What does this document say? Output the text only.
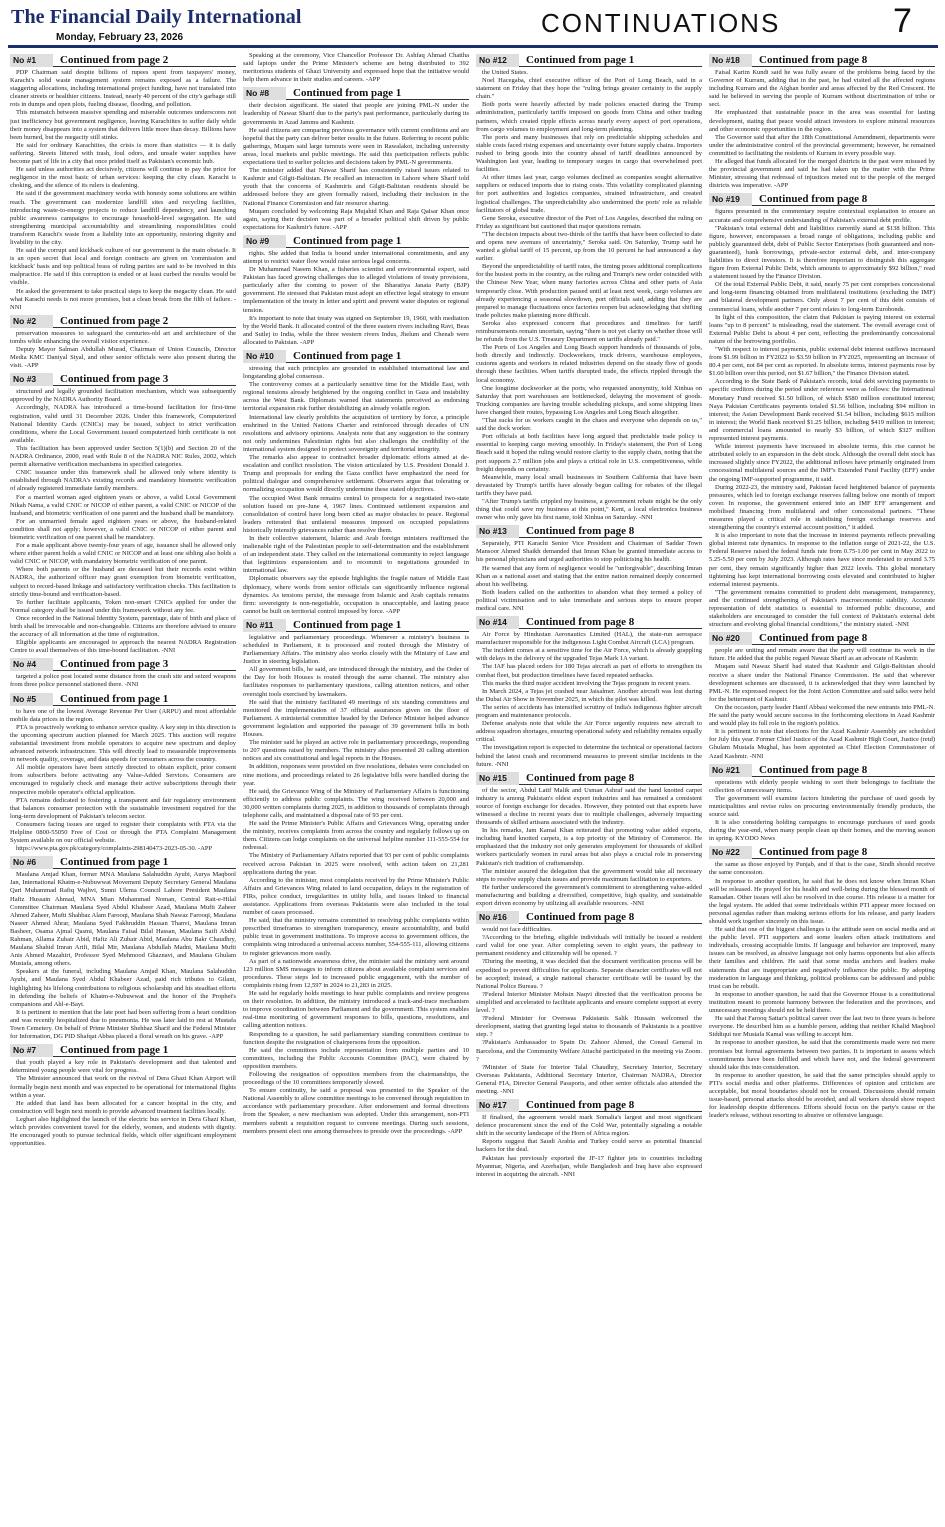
The Financial Daily International
Monday, February 23, 2026	CONTINUATIONS	7
No #1	Continued from page 2

PDP Chairman said despite billions of rupees spent from taxpayers' money, Karachi's solid waste management system remains exposed as a failure. The staggering allocations, including international project funding, have not translated into cleaner streets or healthier citizens. Instead, nearly 40 percent of the city's garbage still rots in dumps and open plots, fueling disease, flooding, and pollution.

This mismatch between massive spending and miserable outcomes underscores not just inefficiency but government negligence, leaving Karachiites to suffer daily while their money disappears into a system that delivers little more than decay. Billions have been burned, but the megacity still stinks.

He said for ordinary Karachiites, the crisis is more than statistics — it is daily suffering. Streets littered with trash, foul odors, and unsafe water supplies have become part of life in a city that once prided itself as Pakistan's economic hub.

He said unless authorities act decisively, citizens will continue to pay the price for negligence in the most basic of urban services: keeping the city clean. Karachi is choking, and the silence of its rulers is deafening.

He said if the government machinery works with honesty some solutions are within reach. The government can modernize landfill sites and recycling facilities, introducing waste-to-energy projects to reduce landfill dependency, and launching public awareness campaigns to encourage household-level segregation. He said strengthening municipal accountability and streamlining responsibilities could transform Karachi's waste from a liability into an opportunity, restoring dignity and livability to the city.

He said the corrupt and kickback culture of our government is the main obstacle. It is an open secret that local and foreign contracts are given on 'commission and kickback' basis and top political brass of ruling parties are said to be involved in this malpractice. He said if this corruption is ended or at least curbed the results would be visible.

He asked the government to take practical steps to keep the megacity clean. He said what Karachi needs is not more promises, but a clean break from the filth of failure. -NNI

No #2	Continued from page 2

preservation measures to safeguard the centuries-old art and architecture of the tombs while enhancing the overall visitor experience.

Deputy Mayor Salman Abdullah Murad, Chairman of Union Councils, Director Media KMC Daniyal Siyal, and other senior officials were also present during the visit. -APP

No #3	Continued from page 3

structured and legally grounded facilitation mechanism, which was subsequently approved by the NADRA Authority Board.

Accordingly, NADRA has introduced a time-bound facilitation for first-time registration, valid until 31 December 2026. Under this framework, Computerized National Identity Cards (CNICs) may be issued, subject to strict verification conditions, where the Local Government issued computerized birth certificate is not available.

This facilitation has been approved under Section 5(1)(b) and Section 20 of the NADRA Ordinance, 2000, read with Rule 8 of the NADRA NIC Rules, 2002, which permit alternative verification mechanisms in specified categories.

CNIC issuance under this framework shall be allowed only where identity is established through NADRA's existing records and mandatory biometric verification of already registered immediate family members.

For a married woman aged eighteen years or above, a valid Local Government Nikah Nama, a valid CNIC or NICOP of either parent, a valid CNIC or NICOP of the husband, and biometric verification of one parent and the husband shall be mandatory.

For an unmarried female aged eighteen years or above, the husband-related condition shall not apply; however, a valid CNIC or NICOP of either parent and biometric verification of one parent shall be mandatory.

For a male applicant above twenty-four years of age, issuance shall be allowed only where either parent holds a valid CNIC or NICOP and at least one sibling also holds a valid CNIC or NICOP, with mandatory biometric verification of one parent.

Where both parents or the husband are deceased but their records exist within NADRA, the authorized officer may grant exemption from biometric verification, subject to record-based linkage and satisfactory verification checks. This facilitation is strictly time-bound and verification-based.

To further facilitate applicants, Token non-smart CNICs applied for under the Normal category shall be issued under this framework without any fee.

Once recorded in the National Identity System, parentage, date of birth and place of birth shall be irrevocable and non-changeable. Citizens are therefore advised to ensure the accuracy of all information at the time of registration.

Eligible applicants are encouraged to approach the nearest NADRA Registration Centre to avail themselves of this time-bound facilitation. -NNI

No #4	Continued from page 3

targeted a police post located some distance from the crash site and seized weapons from three police personnel stationed there. -NNI

No #5	Continued from page 1

to have one of the lowest Average Revenue Per User (ARPU) and most affordable mobile data prices in the region.

PTA is proactively working to enhance service quality. A key step in this direction is the upcoming spectrum auction planned for March 2025. This auction will require substantial investment from mobile operators to acquire new spectrum and deploy advanced network infrastructure. This will directly lead to measurable improvements in network quality, coverage, and data speeds for consumers across the country.

All mobile operators have been strictly directed to obtain explicit, prior consent from subscribers before activating any Value-Added Services. Consumers are encouraged to regularly check and manage their active subscriptions through their respective mobile operator's official application.

PTA remains dedicated to fostering a transparent and fair regulatory environment that balances consumer protection with the sustainable investment required for the long-term development of Pakistan's telecom sector.

Consumers facing issues are urged to register their complaints with PTA via the Helpline 0800-55050 Free of Cost or through the PTA Complaint Management System available on our official website.

https://www.pta.gov.pk/category/complaints-298140473-2023-05-30. -APP

No #6	Continued from page 1

Maulana Amjad Khan, former MNA Maulana Salahuddin Ayubi, Aurya Maqbool Jan, International Khatm-e-Nubuwwat Movement Deputy Secretary General Maulana Qari Muhammad Rafiq Wajhvi, Sunni Ulema Council Lahore President Maulana Hafiz Hussain Ahmad, MNA Mian Muhammad Noman, Central Rait-e-Hilal Committee Chairman Maulana Syed Abdul Khabeer Azad, Maulana Mufti Zaheer Ahmed Zaheer, Mufti Shahbaz Alam Farooqi, Maulana Shah Nawaz Farooqi, Maulana Naseer Ahmed Ahrar, Maulana Syed Fakhruddin Hassan Thanvi, Maulana Imran Basheer, Osama Ajmal Qasmi, Maulana Faisal Bilal Hassan, Maulana Saifi Abdul Rahman, Allama Zubair Abid, Hafiz Ali Zubair Abid, Maulana Abu Bakr Chaudhry, Maulana Shahid Imran Arifi, Bilal Mir, Maulana Abdullah Madni, Maulana Mufti Anis Ahmed Mazahiri, Professor Syed Mehmood Ghaznavi, and Maulana Ghulam Mustafa, among others.

Speakers at the funeral, including Maulana Amjad Khan, Maulana Salahuddin Ayubi, and Maulana Syed Abdul Khabeer Azad, paid rich tributes to Gilani, highlighting his lifelong contributions to religious scholarship and his steadfast efforts in defending the beliefs of Khatm-e-Nubuwwat and the honor of the Prophet's companions and Ahl-e-Bayt.

It is pertinent to mention that the late poet had been suffering from a heart condition and was recently hospitalized due to pneumonia. He was later laid to rest at Mustafa Town Cemetery. On behalf of Prime Minister Shehbaz Sharif and the Federal Minister for Information, DG PID Shafqat Abbas placed a floral wreath on his grave. -APP

No #7	Continued from page 1

that youth played a key role in Pakistan's development and that talented and determined young people were vital for progress.

The Minister announced that work on the revival of Dera Ghazi Khan Airport will formally begin next month and was expected to be operational for international flights within a year.

He added that land has been allocated for a cancer hospital in the city, and construction will begin next month to provide advanced treatment facilities locally.

Leghari also highlighted the launch of the electric bus service in Dera Ghazi Khan, which provides convenient travel for the elderly, women, and students with dignity. He encouraged youth to pursue technical fields, which offer significant employment opportunities.

Speaking at the ceremony, Vice Chancellor Professor Dr. Ashfaq Ahmad Chattha said laptops under the Prime Minister's scheme are being distributed to 392 meritorious students of Ghazi University and expressed hope that the initiative would help them advance in their studies and careers. -APP

No #8	Continued from page 1

their decision significant. He stated that people are joining PML-N under the leadership of Nawaz Sharif due to the party's past performance, particularly during its governments in Azad Jammu and Kashmir.

He said citizens are comparing previous governance with current conditions and are hopeful that the party can deliver better results in the future. Referring to recent public gatherings, Muqam said large turnouts were seen in Rawalakot, including university areas, local markets and public meetings. He said this participation reflects public expectations tied to earlier policies and decisions taken by PML-N governments.

The minister added that Nawaz Sharif has consistently raised issues related to Kashmir and Gilgit-Baltistan. He recalled an interaction in Lahore where Sharif told youth that the concerns of Kashmiris and Gilgit-Baltistan residents should be addressed before they are given formally raised, including their inclusion in the National Finance Commission and fair resource sharing.

Muqam concluded by welcoming Raja Mujahid Khan and Raja Qaisar Khan once again, saying their decision was part of a broader political shift driven by public expectations for Kashmir's future. -APP

No #9	Continued from page 1

rights. She added that India is bound under international commitments, and any attempt to restrict water flow would raise serious legal concerns.

Dr Muhammad Naeem Khan, a fisheries scientist and environmental expert, said Pakistan has faced growing challenges due to alleged violations of treaty provisions, particularly after the coming to power of the Bharatiya Janata Party (BJP) government. He stressed that Pakistan must adopt an effective legal strategy to ensure implementation of the treaty in letter and spirit and prevent water disputes or regional tension.

It's important to note that treaty was signed on September 19, 1960, with mediation by the World Bank. It allocated control of the three eastern rivers including Ravi, Beas and Sutlej to India, while the three western rivers Indus, Jhelum and Chenab were allocated to Pakistan. -APP

No #10	Continued from page 1

stressing that such principles are grounded in established international law and longstanding global consensus.

The controversy comes at a particularly sensitive time for the Middle East, with regional tensions already heightened by the ongoing conflict in Gaza and instability across the West Bank. Diplomats warned that statements perceived as endorsing territorial expansion risk further destabilizing an already volatile region.

International law clearly prohibits the acquisition of territory by force, a principle enshrined in the United Nations Charter and reinforced through decades of UN resolutions and advisory opinions. Analysts note that any suggestion to the contrary not only undermines Palestinian rights but also challenges the credibility of the international system designed to protect sovereignty and territorial integrity.

The remarks also appear to contradict broader diplomatic efforts aimed at de-escalation and conflict resolution. The vision articulated by U.S. President Donald J. Trump and proposals for ending the Gaza conflict have emphasized the need for political dialogue and comprehensive settlement. Observers argue that tolerating or normalizing occupation would directly undermine these stated objectives.

The occupied West Bank remains central to prospects for a negotiated two-state solution based on pre-June 4, 1967 lines. Continued settlement expansion and consolidation of control have long been cited as major obstacles to peace. Regional leaders reiterated that unilateral measures imposed on occupied populations historically intensify grievances rather than resolve them.

In their collective statement, Islamic and Arab foreign ministers reaffirmed the inalienable right of the Palestinian people to self-determination and the establishment of an independent state. They called on the international community to reject language that legitimizes expansionism and to recommit to negotiations grounded in international law.

Diplomatic observers say the episode highlights the fragile nature of Middle East diplomacy, where words from senior officials can significantly influence regional dynamics. As tensions persist, the message from Islamic and Arab capitals remains firm: sovereignty is non-negotiable, occupation is unacceptable, and lasting peace cannot be built on territorial control imposed by force. -APP

No #11	Continued from page 1

legislative and parliamentary proceedings. Whenever a ministry's business is scheduled in Parliament, it is processed and routed through the Ministry of Parliamentary Affairs. The ministry also works closely with the Ministry of Law and Justice in steering legislation.

All government bills, he said, are introduced through the ministry, and the Order of the Day for both Houses is routed through the same channel. The ministry also facilitates responses to parliamentary questions, calling attention notices, and other oversight tools exercised by lawmakers.

He said that the ministry facilitated 49 meetings of six standing committees and monitored the implementation of 37 official assurances given on the floor of Parliament. A ministerial committee headed by the Defence Minister helped advance government legislation and supported the passage of 39 government bills in both Houses.

The minister said he played an active role in parliamentary proceedings, responding to 207 questions raised by members. The ministry also presented 20 calling attention notices and six constitutional and legal reports in the Houses.

In addition, responses were provided on five resolutions, debates were concluded on nine motions, and proceedings related to 26 legislative bills were handled during the year.

He said, the Grievance Wing of the Ministry of Parliamentary Affairs is functioning efficiently to address public complaints. The wing received between 20,000 and 30,000 written complaints during 2025, in addition to thousands of complaints through telephone calls, and maintained a disposal rate of 93 per cent.

He said the Prime Minister's Public Affairs and Grievances Wing, operating under the ministry, receives complaints from across the country and regularly follows up on them. Citizens can lodge complaints on the universal helpline number 111-555-554 for redressal.

The Ministry of Parliamentary Affairs reported that 93 per cent of public complaints received across Pakistan in 2025 were resolved, with action taken on 21,281 applications during the year.

According to the minister, most complaints received by the Prime Minister's Public Affairs and Grievances Wing related to land occupation, delays in the registration of FIRs, police conduct, irregularities in utility bills, and issues linked to financial assistance. Applications from overseas Pakistanis were also included in the total number of cases processed.

He said, that the ministry remains committed to resolving public complaints within prescribed timeframes to strengthen transparency, ensure accountability, and build public trust in government institutions. To improve access to government offices, the complaints wing introduced a universal access number, 554-555-111, allowing citizens to register grievances more easily.

As part of a nationwide awareness drive, the minister said the ministry sent around 123 million SMS messages to inform citizens about available complaint services and procedures. These steps led to increased public engagement, with the number of complaints rising from 12,597 in 2024 to 21,283 in 2025.

He said he regularly holds meetings to hear public complaints and review progress on their resolution. In addition, the ministry introduced a track-and-trace mechanism to improve coordination between Parliament and the government. This system enables real-time monitoring of government responses to bills, questions, resolutions, and calling attention notices.

Responding to a question, he said parliamentary standing committees continue to function despite the resignation of chairpersons from the opposition.

He said the committees include representation from multiple parties and 10 committees, including the Public Accounts Committee (PAC), were chaired by opposition members.

Following the resignation of opposition members from the chairmanships, the proceedings of the 10 committees temporarily slowed.

To ensure continuity, he said a proposal was presented to the Speaker of the National Assembly to allow committee meetings to be convened through requisition in accordance with parliamentary procedure. After endorsement and formal directions from the Speaker, a new mechanism was adopted. Under this arrangement, non-PTI members submit a requisition request to convene meetings. During such sessions, members present elect one among themselves to preside over the proceedings. -APP

No #12	Continued from page 1

the United States.

Noel Hacegaba, chief executive officer of the Port of Long Beach, said in a statement on Friday that they hope the "ruling brings greater certainty to the supply chain."

Both ports were heavily affected by trade policies enacted during the Trump administration, particularly tariffs imposed on goods from China and other trading partners, which created ripple effects across nearly every aspect of port operations, from cargo volumes to employment and long-term planning.

The ports and many businesses that rely on predictable shipping schedules and stable costs faced rising expenses and uncertainty over future supply chains. Importers rushed to bring goods into the country ahead of tariff deadlines announced by Washington last year, leading to temporary surges in cargo that overwhelmed port facilities.

At other times last year, cargo volumes declined as companies sought alternative suppliers or reduced imports due to rising costs. This volatility complicated planning for port authorities and logistics companies, strained infrastructure, and created logistical challenges. The unpredictability also undermined the ports' role as reliable facilitators of global trade.

Gene Seroka, executive director of the Port of Los Angeles, described the ruling on Friday as significant but cautioned that major questions remain.

"The decision impacts about two-thirds of the tariffs that have been collected to date and opens new avenues of uncertainty," Seroka said. On Saturday, Trump said he wanted a global tariff of 15 percent, up from the 10 percent he had announced a day earlier.

Beyond the unpredictability of tariff rates, the timing poses additional complications for the busiest ports in the country, as the ruling and Trump's new order coincided with the Chinese New Year, when many factories across China and other parts of Asia temporarily close. With production paused until at least next week, cargo volumes are already experiencing a seasonal slowdown, port officials said, adding that they are prepared to manage fluctuations once factories reopen but acknowledging that shifting trade policies make planning more difficult.

Seroka also expressed concern that procedures and timelines for tariff reimbursements remain uncertain, saying "there is not yet clarity on whether those will be refunds from the U.S. Treasury Department on tariffs already paid."

The Ports of Los Angeles and Long Beach support hundreds of thousands of jobs, both directly and indirectly. Dockworkers, truck drivers, warehouse employees, customs agents and workers in related industries depend on the steady flow of goods through these facilities. When tariffs disrupted trade, the effects rippled through the local economy.

One longtime dockworker at the ports, who requested anonymity, told Xinhua on Saturday that port warehouses are bottlenecked, delaying the movement of goods. Trucking companies are having trouble scheduling pickups, and some shipping lines have changed their routes, bypassing Los Angeles and Long Beach altogether.

"That sucks for us workers caught in the chaos and everyone who depends on us," said the dock worker.

Port officials at both facilities have long argued that predictable trade policy is essential to keeping cargo moving smoothly. In Friday's statement, the Port of Long Beach said it hoped the ruling would restore clarity to the supply chain, noting that the port supports 2.7 million jobs and plays a critical role in U.S. competitiveness, while freight depends on certainty.

Meanwhile, many local small businesses in Southern California that have been devastated by Trump's tariffs have already begun calling for rebates of the illegal tariffs they have paid.

"After Trump's tariffs crippled my business, a government rebate might be the only thing that could save my business at this point," Kent, a local electronics business owner who only gave his first name, told Xinhua on Saturday. -NNI

No #13	Continued from page 8

Separately, PTI Karachi Senior Vice President and Chairman of Saddar Town Mansoor Ahmed Shaikh demanded that Imran Khan be granted immediate access to his personal physicians and urged authorities to stop politicising his health.

He warned that any form of negligence would be "unforgivable", describing Imran Khan as a national asset and stating that the entire nation remained deeply concerned about his wellbeing.

Both leaders called on the authorities to abandon what they termed a policy of political victimisation and to take immediate and serious steps to ensure proper medical care. NNI

No #14	Continued from page 8

Air Force by Hindustan Aeronautics Limited (HAL), the state-run aerospace manufacturer responsible for the indigenous Light Combat Aircraft (LCA) program.

The incident comes at a sensitive time for the Air Force, which is already grappling with delays in the delivery of the upgraded Tejas Mark 1A variant.

The IAF has placed orders for 180 Tejas aircraft as part of efforts to strengthen its combat fleet, but production timelines have faced repeated setbacks.

This marks the third major accident involving the Tejas program in recent years.

In March 2024, a Tejas jet crashed near Jaisalmer. Another aircraft was lost during the Dubai Air Show in November 2025, in which the pilot was killed.

The series of accidents has intensified scrutiny of India's indigenous fighter aircraft program and maintenance protocols.

Defense analysts note that while the Air Force urgently requires new aircraft to address squadron shortages, ensuring operational safety and reliability remains equally critical.

The investigation report is expected to determine the technical or operational factors behind the latest crash and recommend measures to prevent similar incidents in the future. -NNI

No #15	Continued from page 8

of the sector, Abdul Latif Malik and Usman Ashraf said the hand knotted carpet industry is among Pakistan's oldest export industries and has remained a consistent source of foreign exchange for decades. However, they pointed out that exports have witnessed a decline in recent years due to multiple challenges, adversely impacting thousands of skilled artisans associated with the industry.

In his remarks, Jam Kamal Khan reiterated that promoting value added exports, including hand knotted carpets, is a top priority of the Ministry of Commerce. He emphasized that the industry not only generates employment for thousands of skilled workers particularly women in rural areas but also plays a crucial role in preserving Pakistan's rich tradition of craftsmanship.

The minister assured the delegation that the government would take all necessary steps to resolve supply chain issues and provide maximum facilitation to exporters.

He further underscored the government's commitment to strengthening value-added manufacturing and building a diversified, competitive, high quality, and sustainable export driven economy by utilizing all available resources. -NNI

No #16	Continued from page 8

would not face difficulties.

?According to the briefing, eligible individuals will initially be issued a resident card valid for one year. After completing seven to eight years, the pathway to permanent residency and citizenship will be opened. ?

?During the meeting, it was decided that the document verification process will be expedited to prevent difficulties for applicants. Separate character certificates will not be accepted; instead, a single national character certificate will be issued by the National Police Bureau. ?

?Federal Interior Minister Mohsin Naqvi directed that the verification process be simplified and accelerated to facilitate applicants and ensure complete support at every level. ?

?Federal Minister for Overseas Pakistanis Salik Hussain welcomed the development, stating that granting legal status to thousands of Pakistanis is a positive step. ?

?Pakistan's Ambassador to Spain Dr. Zahoor Ahmed, the Consul General in Barcelona, and the Community Welfare Attaché participated in the meeting via Zoom. ?

?Minister of State for Interior Talal Chaudhry, Secretary Interior, Secretary Overseas Pakistanis, Additional Secretary Interior, Chairman NADRA, Director General FIA, Director General Passports, and other senior officials also attended the meeting. -NNI

No #17	Continued from page 8

If finalised, the agreement would mark Somalia's largest and most significant defence procurement since the end of the Cold War, potentially signaling a notable shift in the security landscape of the Horn of Africa region.

Reports suggest that Saudi Arabia and Turkey could serve as potential financial backers for the deal.

Pakistan has previously exported the JF-17 fighter jets to countries including Myanmar, Nigeria, and Azerbaijan, while Bangladesh and Iraq have also expressed interest in acquiring the aircraft. -NNI

No #18	Continued from page 8

Faisal Karim Kundi said he was fully aware of the problems being faced by the Governor of Kurram, adding that in the past, he had visited all the affected regions including Kurram and the Afghan border and areas affected by the Red Crescent. He said he believed in serving the people of Kurram without discrimination of tribe or sect.

He emphasized that sustainable peace in the area was essential for lasting development, stating that peace would attract investors to explore mineral resources and other economic opportunities in the region.

The Governor said that after the 18th Constitutional Amendment, departments were under the administrative control of the provincial government; however, he remained committed to facilitating the residents of Kurram in every possible way.

He alleged that funds allocated for the merged districts in the past were misused by the provincial government and said he had taken up the matter with the Prime Minister, stressing that redressal of injustices meted out to the people of the merged districts was imperative. -APP

No #19	Continued from page 8

figures presented in the commentary require contextual explanation to ensure an accurate and comprehensive understanding of Pakistan's external debt profile.

"Pakistan's total external debt and liabilities currently stand at $138 billion. This figure, however, encompasses a broad range of obligations, including public and publicly guaranteed debt, debt of Public Sector Enterprises (both guaranteed and non-guaranteed), bank borrowings, private-sector external debt, and inter-company liabilities to direct investors. It is therefore important to distinguish this aggregate figure from External Public Debt, which amounts to approximately $92 billion," read a statement issued by the Finance Division.

Of the total External Public Debt, it said, nearly 75 per cent comprises concessional and long-term financing obtained from multilateral institutions (excluding the IMF) and bilateral development partners. Only about 7 per cent of this debt consists of commercial loans, while another 7 per cent relates to long-term Eurobonds.

In light of this composition, the claim that Pakistan is paying interest on external loans "up to 8 percent" is misleading, read the statement. The overall average cost of External Public Debt is about 4 per cent, reflecting the predominantly concessional nature of the borrowing portfolio.

"With respect to interest payments, public external debt interest outflows increased from $1.99 billion in FY2022 to $3.59 billion in FY2025, representing an increase of 80.4 per cent, not 84 per cent as reported. In absolute terms, interest payments rose by $1.60 billion over this period, not $1.67 billion," the Finance Division stated.

According to the State Bank of Pakistan's records, total debt servicing payments to specific creditors during the period under reference were as follows: the International Monetary Fund received $1.50 billion, of which $580 million constituted interest; Naya Pakistan Certificates payments totaled $1.56 billion, including $94 million in interest; the Asian Development Bank received $1.54 billion, including $615 million in interest; the World Bank received $1.25 billion, including $419 million in interest; and commercial loans amounted to nearly $3 billion, of which $327 million represented interest payments.

While interest payments have increased in absolute terms, this rise cannot be attributed solely to an expansion in the debt stock. Although the overall debt stock has increased slightly since FY2022, the additional inflows have primarily originated from concessional multilateral sources and the IMF's Extended Fund Facility (EFF) under the ongoing IMF-supported programme, it said.

During 2022-23, the ministry said, Pakistan faced heightened balance of payments pressures, which led to foreign exchange reserves falling below one month of import cover. In response, the government entered into an IMF EFF arrangement and mobilised financing from multilateral and other concessional partners. "These measures played a critical role in stabilising foreign exchange reserves and strengthening the country's external account position," it added.

It is also important to note that the increase in interest payments reflects prevailing global interest rate dynamics. In response to the inflation surge of 2021-22, the U.S. Federal Reserve raised the federal funds rate from 0.75-1.00 per cent in May 2022 to 5.25-5.50 per cent by July 2023. Although rates have since moderated to around 3.75 per cent, they remain significantly higher than 2022 levels. This global monetary tightening has kept international borrowing costs elevated and contributed to higher external interest payments.

"The government remains committed to prudent debt management, transparency, and the continued strengthening of Pakistan's macroeconomic stability. Accurate representation of debt statistics is essential to informed public discourse, and stakeholders are encouraged to consider the full context of Pakistan's external debt structure and evolving global financial conditions," the ministry stated. -NNI

No #20	Continued from page 8

people are uniting and remain aware that the party will continue its work in the future. He added that the public regard Nawaz Sharif as an advocate of Kashmir.

Muqam said Nawaz Sharif had stated that Kashmir and Gilgit-Baltistan should receive a share under the National Finance Commission. He said that wherever development schemes are discussed, it is acknowledged that they were launched by PML-N. He expressed respect for the Joint Action Committee and said talks were held for the betterment of Kashmir.

On the occasion, party leader Hanif Abbasi welcomed the new entrants into PML-N. He said the party would secure success in the forthcoming elections in Azad Kashmir and would play its full role in the region's politics.

It is pertinent to note that elections for the Azad Kashmir Assembly are scheduled for July this year. Former Chief Justice of the Azad Kashmir High Court, Justice (retd) Ghulam Mustafa Mughal, has been appointed as Chief Election Commissioner of Azad Kashmir. -NNI

No #21	Continued from page 8

operations with elderly people wishing to sort their belongings to facilitate the collection of unnecessary items.

The government will examine factors hindering the purchase of used goods by municipalities and revise rules on procuring environmentally friendly products, the source said.

It is also considering holding campaigns to encourage purchases of used goods during the year-end, when many people clean up their homes, and the moving season in spring. KYODO News

No #22	Continued from page 8

the same as those enjoyed by Punjab, and if that is the case, Sindh should receive the same concession.

In response to another question, he said that he does not know when Imran Khan will be released. He prayed for his health and well-being during the blessed month of Ramadan. Other issues will also be resolved in due course. His release is a matter for the legal system. He added that some individuals within PTI appear more focused on personal agendas rather than making serious efforts for his release, and party leaders should work together sincerely on this issue.

He said that one of the biggest challenges is the attitude seen on social media and at the public level. PTI supporters and some leaders often attack institutions and individuals, crossing acceptable limits. If language and behavior are improved, many issues can be resolved, as abusive language not only harms opponents but also affects their families and children. He said that some media anchors and leaders make statements that are inappropriate and negatively influence the public. By adopting moderation in language and thinking, political problems can be addressed and public trust can be rebuilt.

In response to another question, he said that the Governor House is a constitutional institution meant to promote harmony between the federation and the provinces, and unnecessary meetings should not be held there.

He said that Farooq Sattar's political career over the last two to three years is before everyone. He described him as a humble person, adding that neither Khalid Maqbool Siddiqui nor Mustafa Kamal was willing to accept him.

In response to another question, he said that the commitments made were not mere promises but formal agreements between two parties. It is important to assess which commitments have been fulfilled and which have not, and the federal government should take this into consideration.

In response to another question, he said that the same principles should apply to PTI's social media and other platforms. Differences of opinion and criticism are acceptable, but moral boundaries should not be crossed. Discussions should remain issue-based, personal attacks should be avoided, and all workers should show respect for leadership despite differences. Efforts should focus on the party's cause or the leader's release, without resorting to abusive or offensive language.
